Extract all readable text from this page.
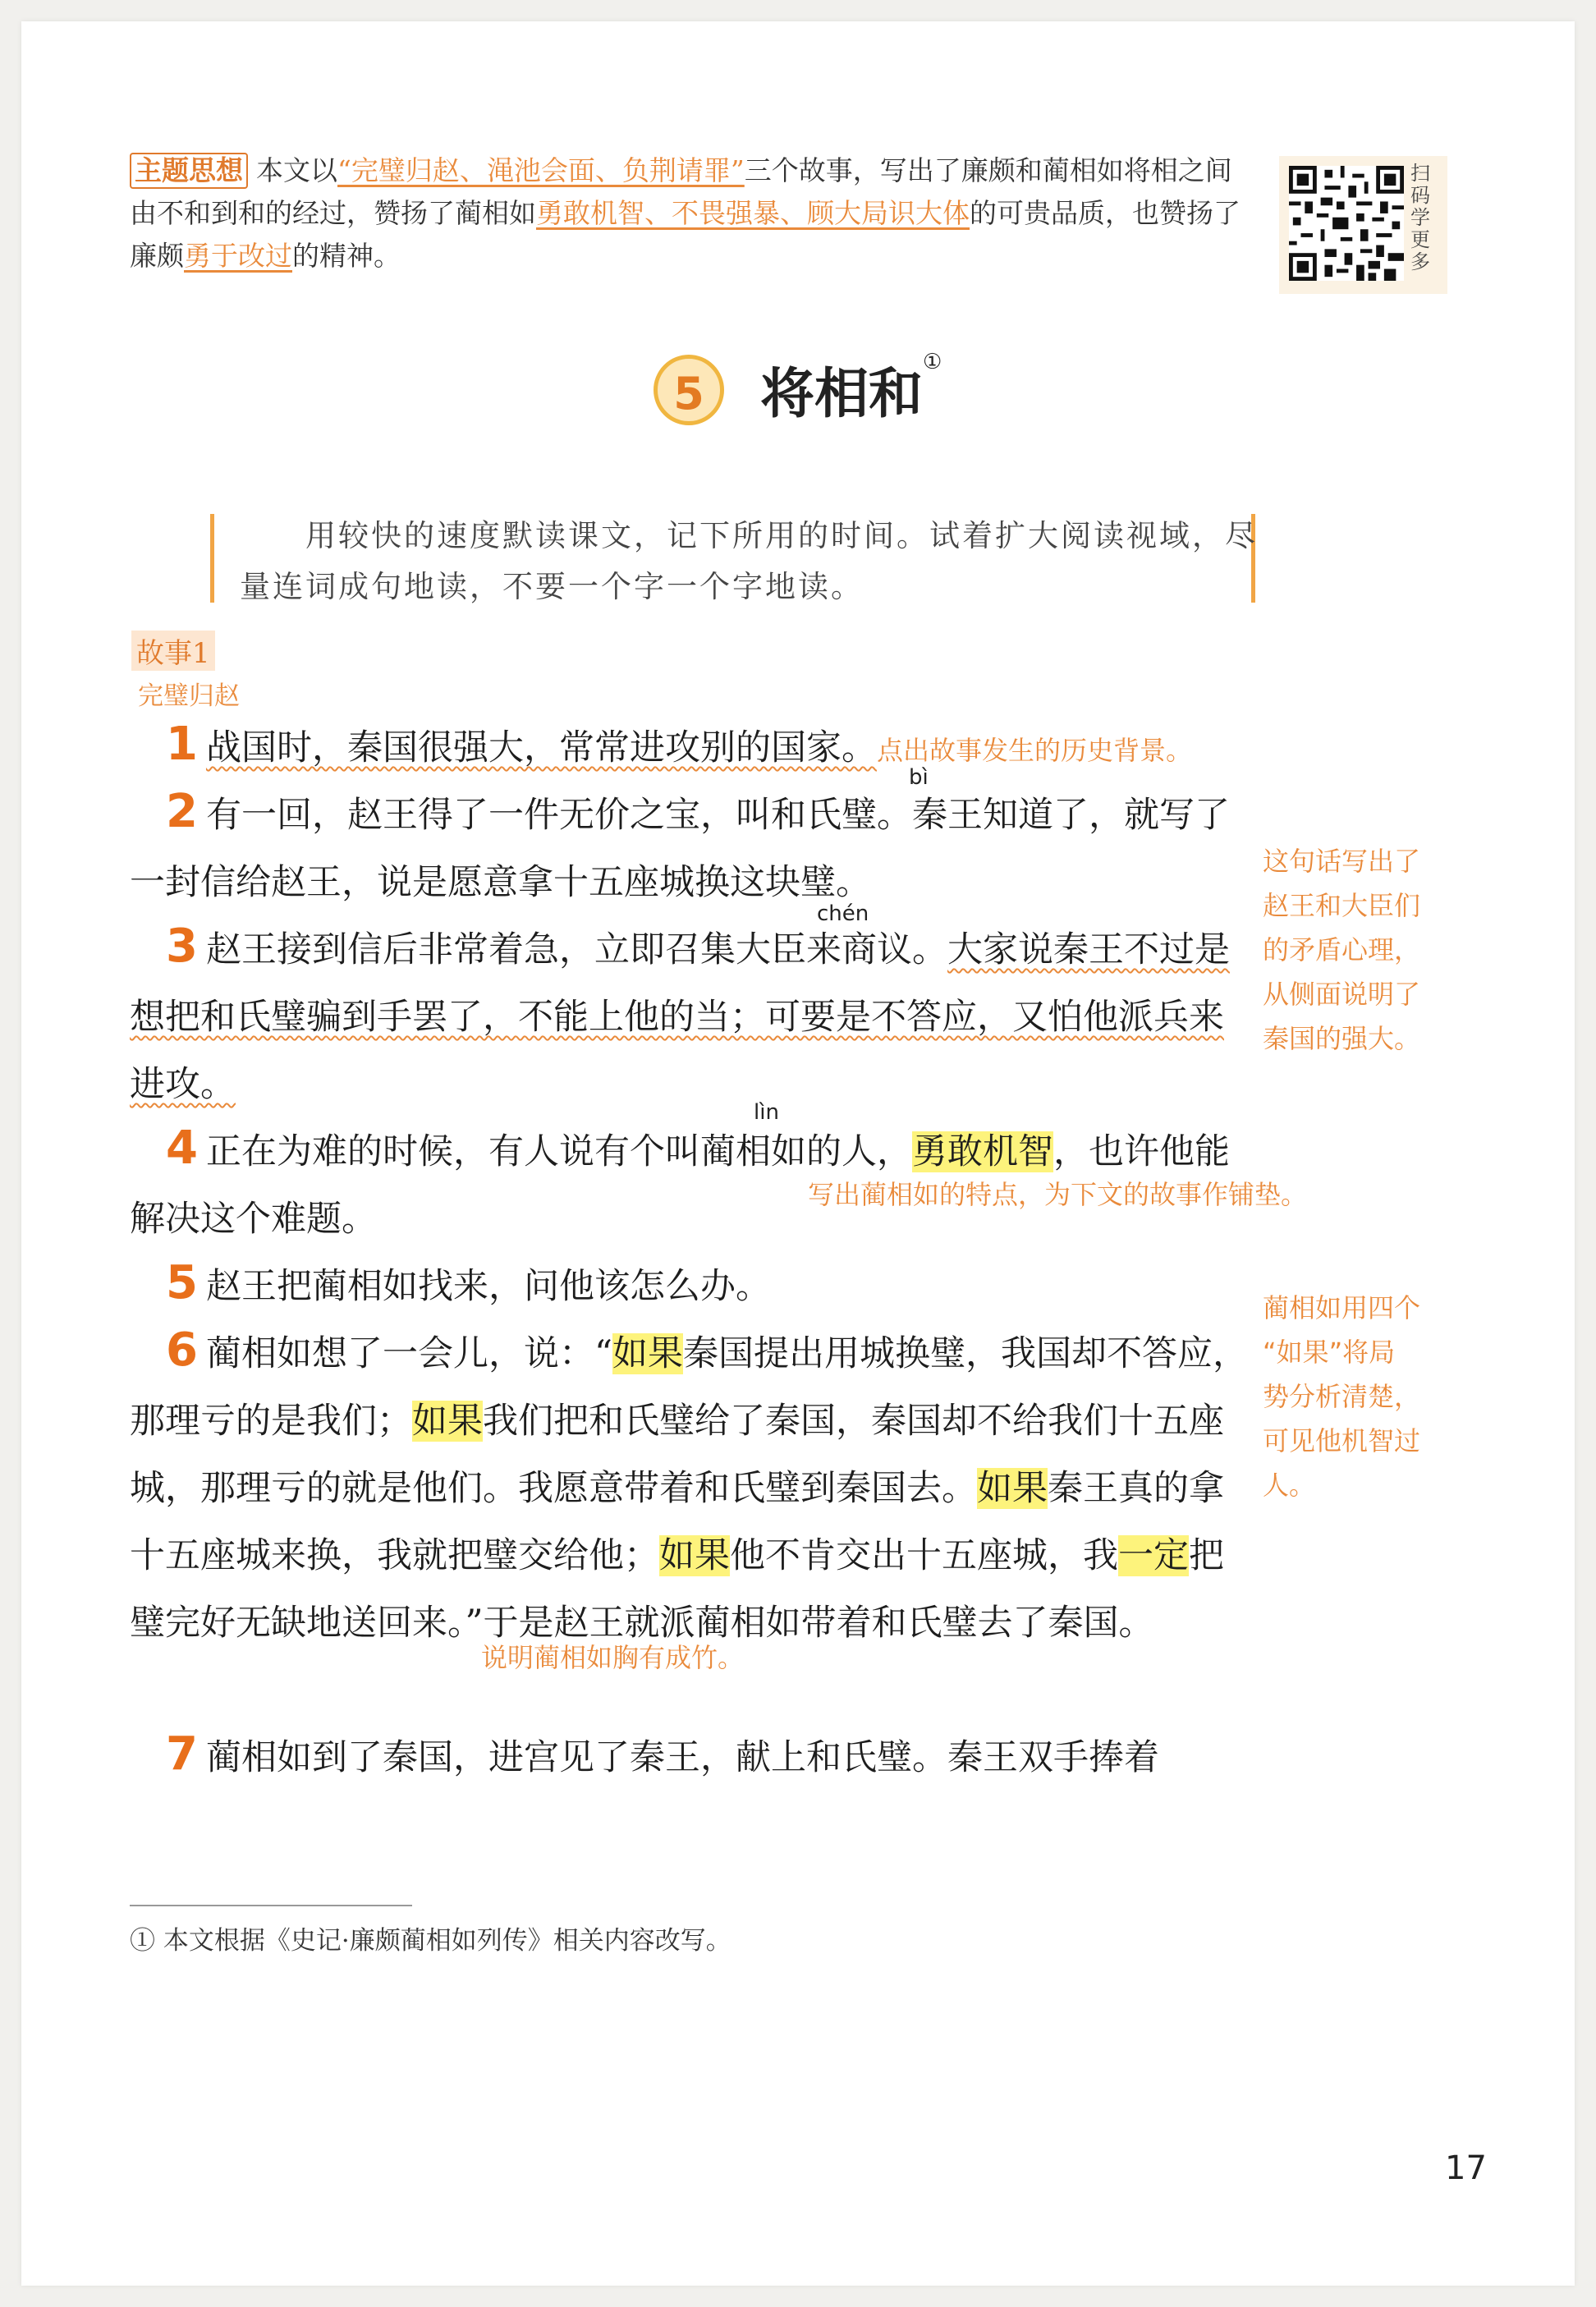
主题思想 本文以“完璧归赵、渑池会面、负荆请罪”三个故事，写出了廉颇和蔺相如将相之间由不和到和的经过，赞扬了蔺相如勇敢机智、不畏强暴、顾大局识大体的可贵品质，也赞扬了廉颇勇于改过的精神。
扫码学更多
5	将相和①
用较快的速度默读课文，记下所用的时间。试着扩大阅读视域，尽量连词成句地读，不要一个字一个字地读。
故事1
完璧归赵
1 战国时，秦国很强大，常常进攻别的国家。点出故事发生的历史背景。
bì
2 有一回，赵王得了一件无价之宝，叫和氏璧。秦王知道了，就写了一封信给赵王，说是愿意拿十五座城换这块璧。
chén
3 赵王接到信后非常着急，立即召集大臣来商议。大家说秦王不过是想把和氏璧骗到手罢了，不能上他的当；可要是不答应，又怕他派兵来进攻。
这句话写出了
赵王和大臣们
的矛盾心理，
从侧面说明了
秦国的强大。
lìn
4 正在为难的时候，有人说有个叫蔺相如的人，勇敢机智，也许他能解决这个难题。
写出蔺相如的特点，为下文的故事作铺垫。
5 赵王把蔺相如找来，问他该怎么办。
6 蔺相如想了一会儿，说：“如果秦国提出用城换璧，我国却不答应，那理亏的是我们；如果我们把和氏璧给了秦国，秦国却不给我们十五座城，那理亏的就是他们。我愿意带着和氏璧到秦国去。如果秦王真的拿十五座城来换，我就把璧交给他；如果他不肯交出十五座城，我一定把璧完好无缺地送回来。”于是赵王就派蔺相如带着和氏璧去了秦国。
蔺相如用四个
“如果”将局
势分析清楚，
可见他机智过
人。
说明蔺相如胸有成竹。
7 蔺相如到了秦国，进宫见了秦王，献上和氏璧。秦王双手捧着
① 本文根据《史记·廉颇蔺相如列传》相关内容改写。
17
